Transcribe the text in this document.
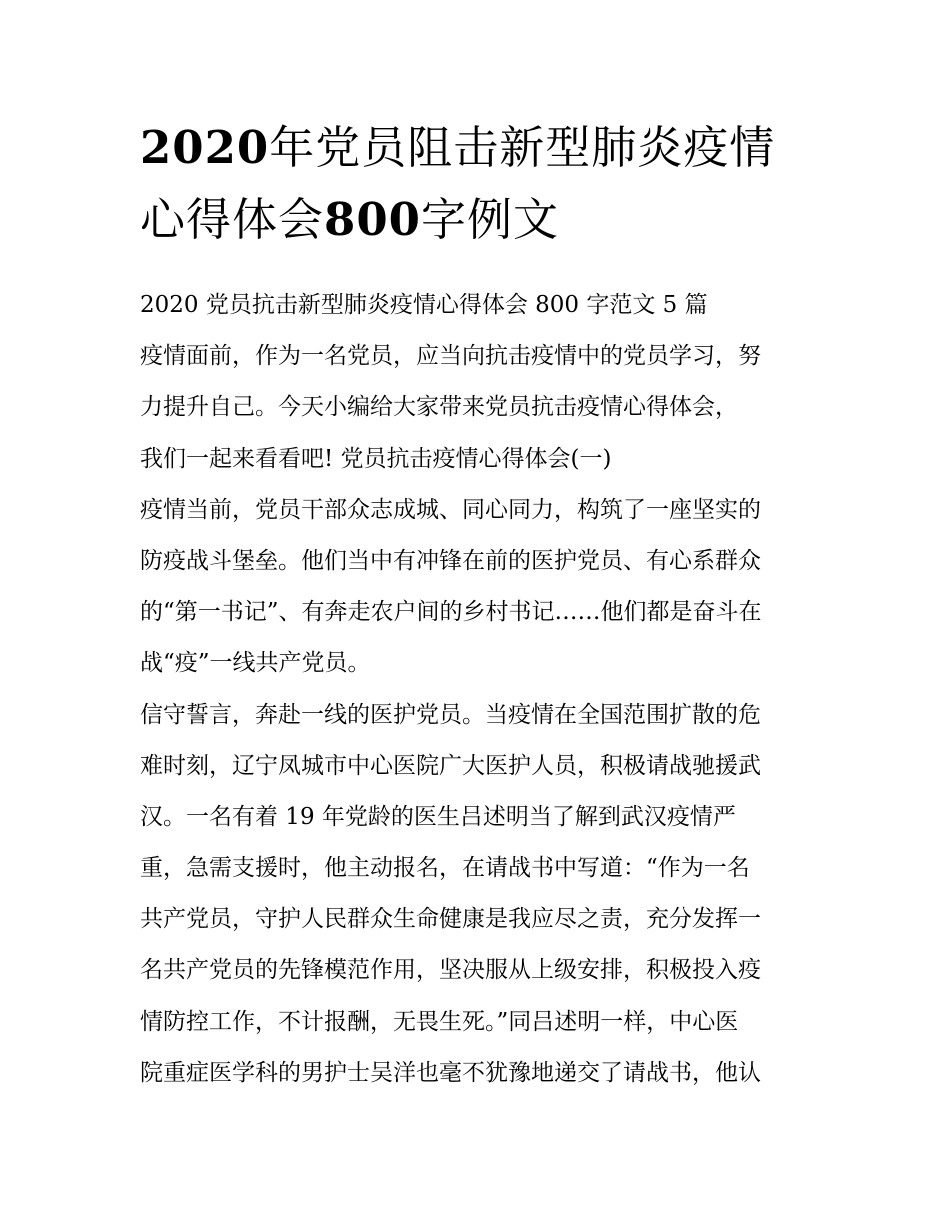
2020年党员阻击新型肺炎疫情
心得体会800字例文
2020 党员抗击新型肺炎疫情心得体会 800 字范文 5 篇
疫情面前，作为一名党员，应当向抗击疫情中的党员学习，努
力提升自己。今天小编给大家带来党员抗击疫情心得体会，
我们一起来看看吧! 党员抗击疫情心得体会(一)
疫情当前，党员干部众志成城、同心同力，构筑了一座坚实的
防疫战斗堡垒。他们当中有冲锋在前的医护党员、有心系群众
的“第一书记”、有奔走农户间的乡村书记……他们都是奋斗在
战“疫”一线共产党员。
信守誓言，奔赴一线的医护党员。当疫情在全国范围扩散的危
难时刻，辽宁凤城市中心医院广大医护人员，积极请战驰援武
汉。一名有着 19 年党龄的医生吕述明当了解到武汉疫情严
重，急需支援时，他主动报名，在请战书中写道：“作为一名
共产党员，守护人民群众生命健康是我应尽之责，充分发挥一
名共产党员的先锋模范作用，坚决服从上级安排，积极投入疫
情防控工作，不计报酬，无畏生死。”同吕述明一样，中心医
院重症医学科的男护士吴洋也毫不犹豫地递交了请战书，他认
